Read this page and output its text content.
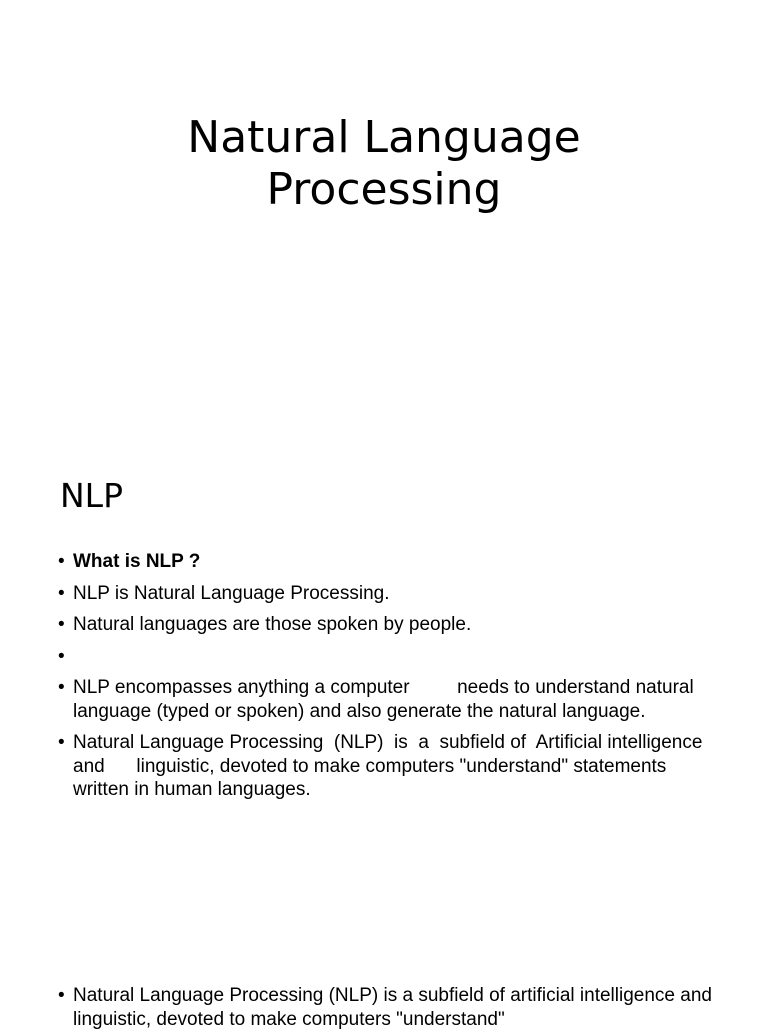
Natural Language
Processing
NLP
• What is NLP ?
• NLP is Natural Language Processing.
• Natural languages are those spoken by people.
•
• NLP encompasses anything a computer         needs to understand natural language (typed or spoken) and also generate the natural language.
• Natural Language Processing  (NLP)  is  a  subfield of  Artificial intelligence and      linguistic, devoted to make computers "understand" statements written in human languages.
• Natural Language Processing (NLP) is a subfield of artificial intelligence and linguistic, devoted to make computers "understand"
